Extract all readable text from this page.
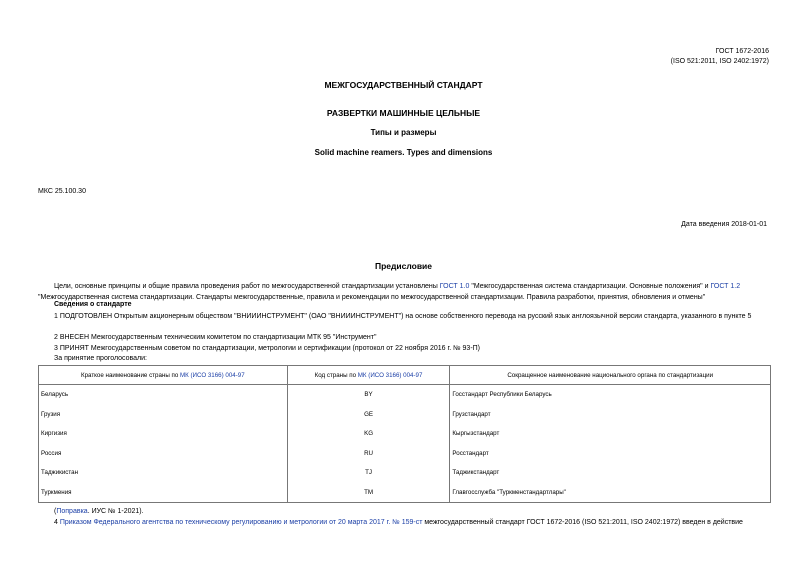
ГОСТ 1672-2016
(ISO 521:2011, ISO 2402:1972)
МЕЖГОСУДАРСТВЕННЫЙ СТАНДАРТ
РАЗВЕРТКИ МАШИННЫЕ ЦЕЛЬНЫЕ
Типы и размеры
Solid machine reamers. Types and dimensions
МКС 25.100.30
Дата введения 2018-01-01
Предисловие

Цели, основные принципы и общие правила проведения работ по межгосударственной стандартизации установлены ГОСТ 1.0 "Межгосударственная система стандартизации. Основные положения" и ГОСТ 1.2
"Межгосударственная система стандартизации. Стандарты межгосударственные, правила и рекомендации по межгосударственной стандартизации. Правила разработки, принятия, обновления и отмены"

Сведения о стандарте

1 ПОДГОТОВЛЕН Открытым акционерным обществом "ВНИИИНСТРУМЕНТ" (ОАО "ВНИИИНСТРУМЕНТ") на основе собственного перевода на русский язык англоязычной версии стандарта, указанного в пункте 5

2 ВНЕСЕН Межгосударственным техническим комитетом по стандартизации МТК 95 "Инструмент"

3 ПРИНЯТ Межгосударственным советом по стандартизации, метрологии и сертификации (протокол от 22 ноября 2016 г. № 93-П)

За принятие проголосовали:

Краткое наименование страны по МК (ИСО 3166) 004-97	Код страны по МК (ИСО 3166) 004-97	Сокращенное наименование национального органа по стандартизации
Беларусь	BY	Госстандарт Республики Беларусь
Грузия	GE	Грузстандарт
Киргизия	KG	Кыргызстандарт
Россия	RU	Росстандарт
Таджикистан	TJ	Таджикстандарт
Туркмения	TM	Главгосслужба "Туркменстандартлары"

(Поправка. ИУС № 1-2021).

4 Приказом Федерального агентства по техническому регулированию и метрологии от 20 марта 2017 г. № 159-ст межгосударственный стандарт ГОСТ 1672-2016 (ISO 521:2011, ISO 2402:1972) введен в действие
